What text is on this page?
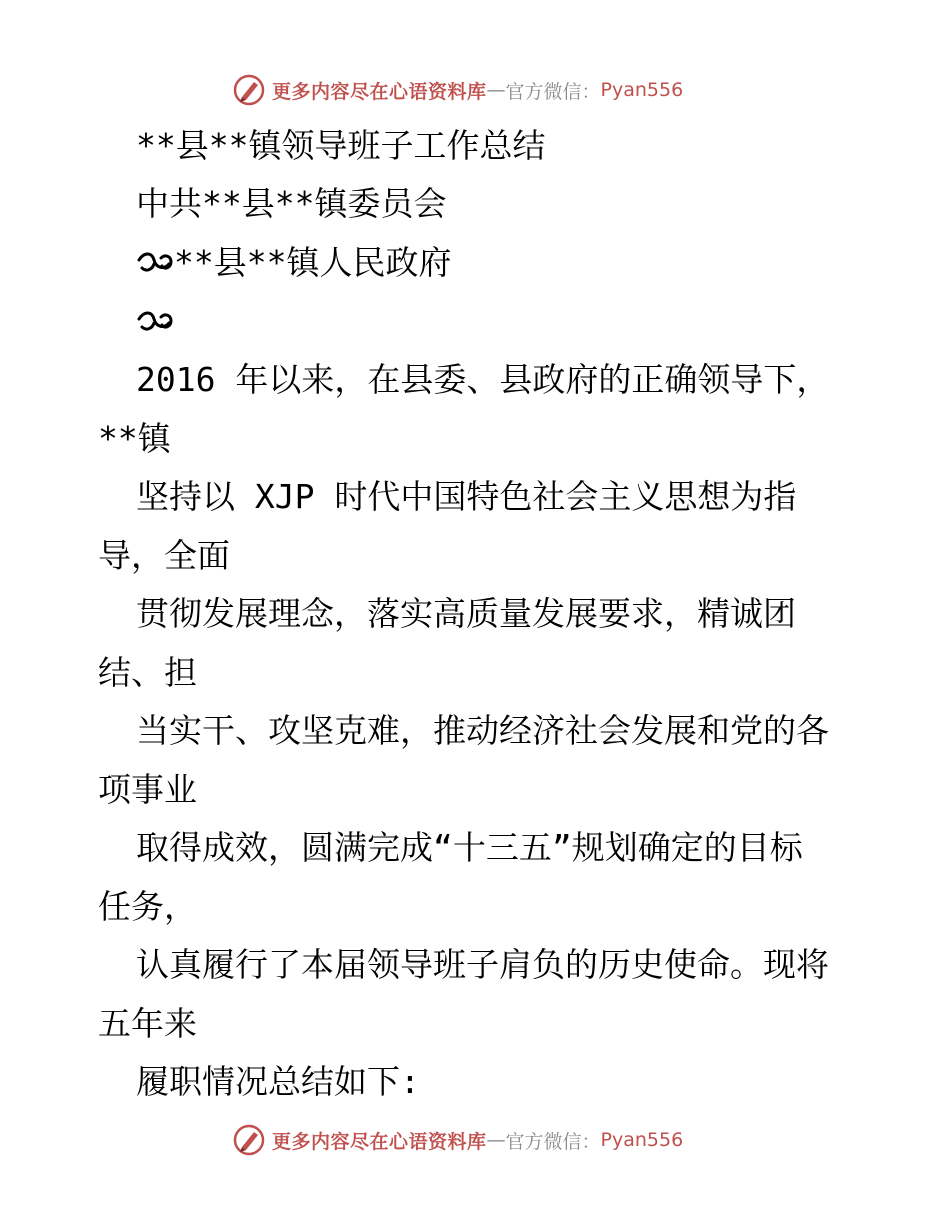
更多内容尽在心语资料库 — 官方微信： Pyan556
**县**镇领导班子工作总结
中共**县**镇委员会
**县**镇人民政府
2016 年以来，在县委、县政府的正确领导下，
**镇
坚持以 XJP 时代中国特色社会主义思想为指
导，全面
贯彻发展理念，落实高质量发展要求，精诚团
结、担
当实干、攻坚克难，推动经济社会发展和党的各
项事业
取得成效，圆满完成“十三五”规划确定的目标
任务，
认真履行了本届领导班子肩负的历史使命。现将
五年来
履职情况总结如下:
更多内容尽在心语资料库 — 官方微信： Pyan556
